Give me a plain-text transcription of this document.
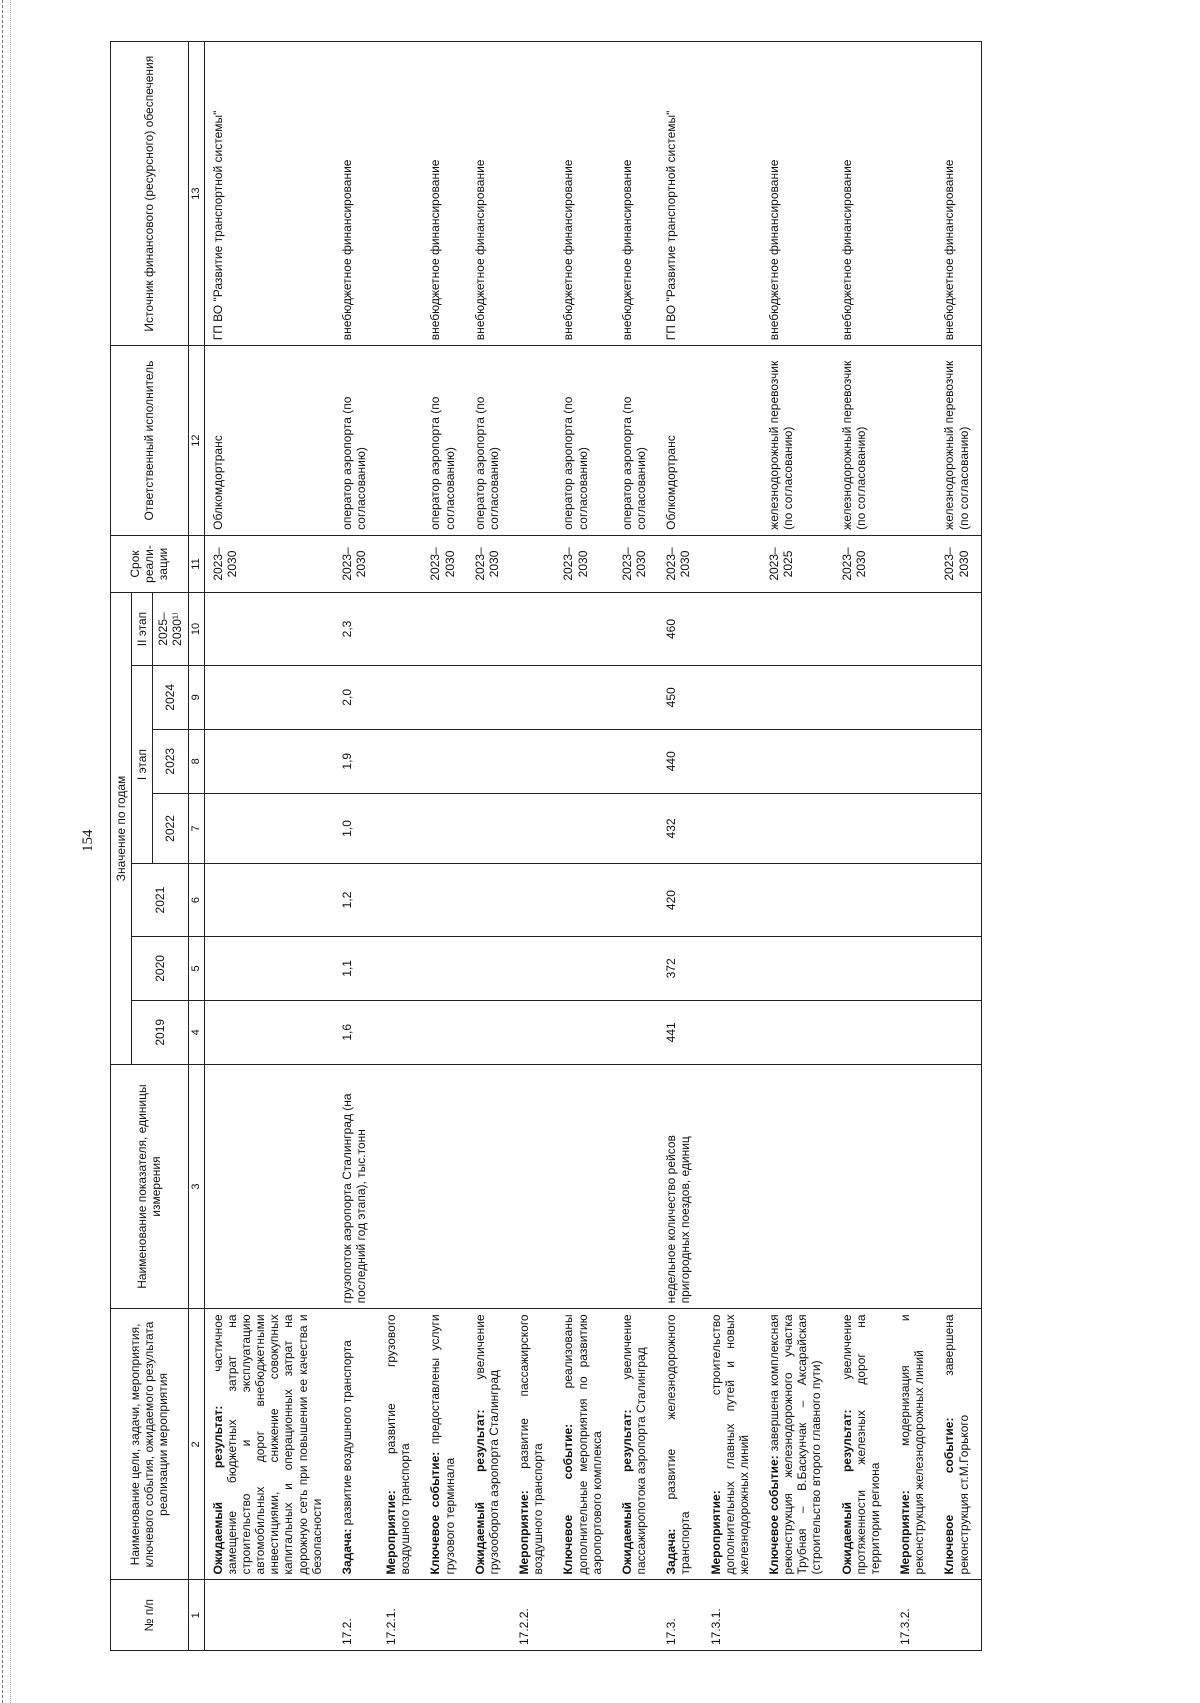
154
№ п/п	Наименование цели, задачи, мероприятия, ключевого события, ожидаемого результата реализации мероприятия	Наименование показателя, единицы измерения	Значение по годам							Срок реали-зации	Ответственный исполнитель	Источник финансового (ресурсного) обеспечения
			2019	2020	2021	I этап			II этап			
						2022	2023	2024	2025–2030¹⁾			
1	2	3	4	5	6	7	8	9	10	11	12	13
	Ожидаемый результат: частичное замещение бюджетных затрат на строительство и эксплуатацию автомобильных дорог внебюджетными инвестициями, снижение совокупных капитальных и операционных затрат на дорожную сеть при повышении ее качества и безопасности									2023–2030	Облкомдортранс	ГП ВО "Развитие транспортной системы"
17.2.	Задача: развитие воздушного транспорта	грузопоток аэропорта Сталинград (на последний год этапа), тыс.тонн	1,6	1,1	1,2	1,0	1,9	2,0	2,3	2023–2030	оператор аэропорта (по согласованию)	внебюджетное финансирование
17.2.1.	Мероприятие: развитие грузового воздушного транспорта											
	Ключевое событие: предоставлены услуги грузового терминала									2023–2030	оператор аэропорта (по согласованию)	внебюджетное финансирование
	Ожидаемый результат: увеличение грузооборота аэропорта Сталинград									2023–2030	оператор аэропорта (по согласованию)	внебюджетное финансирование
17.2.2.	Мероприятие: развитие пассажирского воздушного транспорта											
	Ключевое событие: реализованы дополнительные мероприятия по развитию аэропортового комплекса									2023–2030	оператор аэропорта (по согласованию)	внебюджетное финансирование
	Ожидаемый результат: увеличение пассажиропотока аэропорта Сталинград									2023–2030	оператор аэропорта (по согласованию)	внебюджетное финансирование
17.3.	Задача: развитие железнодорожного транспорта	недельное количество рейсов пригородных поездов, единиц	441	372	420	432	440	450	460	2023–2030	Облкомдортранс	ГП ВО "Развитие транспортной системы"
17.3.1.	Мероприятие: строительство дополнительных главных путей и новых железнодорожных линий											
	Ключевое событие: завершена комплексная реконструкция железнодорожного участка Трубная – В.Баскунчак – Аксарайская (строительство второго главного пути)									2023–2025	железнодорожный перевозчик (по согласованию)	внебюджетное финансирование
	Ожидаемый результат: увеличение протяженности железных дорог на территории региона									2023–2030	железнодорожный перевозчик (по согласованию)	внебюджетное финансирование
17.3.2.	Мероприятие: модернизация и реконструкция железнодорожных линий											
	Ключевое событие: завершена реконструкция ст.М.Горького									2023–2030	железнодорожный перевозчик (по согласованию)	внебюджетное финансирование
